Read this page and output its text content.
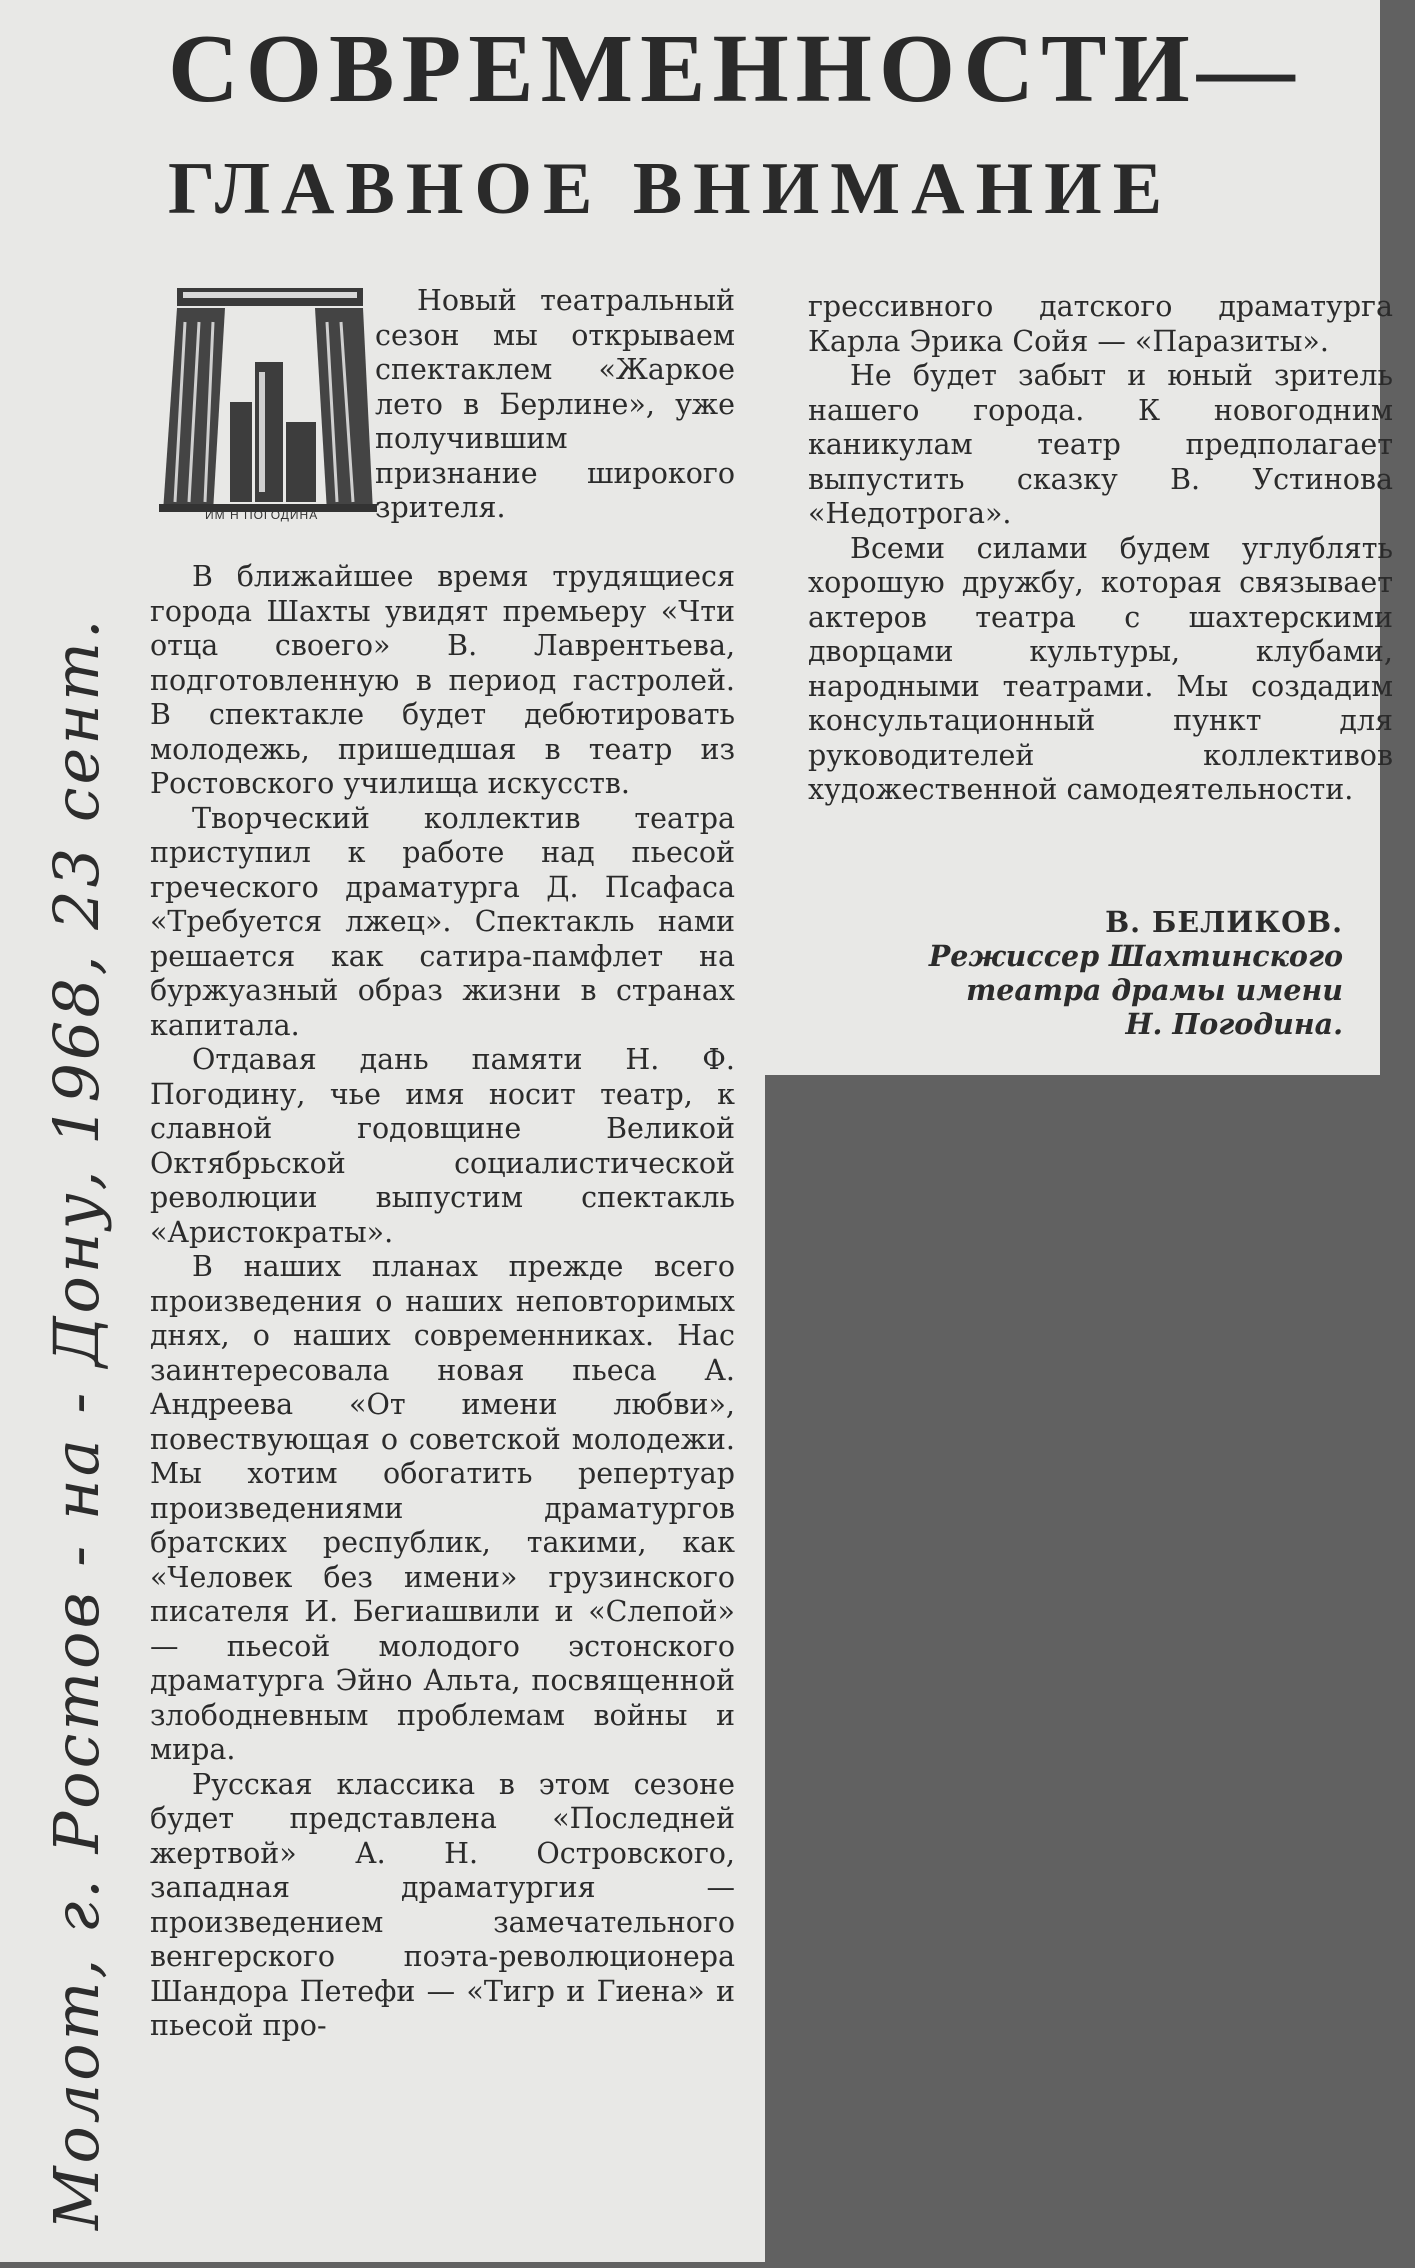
Молот, г. Ростов - на - Дону, 1968, 23 сент.
СОВРЕМЕННОСТИ—
ГЛАВНОЕ ВНИМАНИЕ
ИМ Н ПОГОДИНА

Новый театральный сезон мы открываем спектаклем «Жаркое лето в Берлине», уже получившим признание широкого зрителя.

В ближайшее время трудящиеся города Шахты увидят премьеру «Чти отца своего» В. Лаврентьева, подготовленную в период гастролей. В спектакле будет дебютировать молодежь, пришедшая в театр из Ростовского училища искусств.

Творческий коллектив театра приступил к работе над пьесой греческого драматурга Д. Псафаса «Требуется лжец». Спектакль нами решается как сатира-памфлет на буржуазный образ жизни в странах капитала.

Отдавая дань памяти Н. Ф. Погодину, чье имя носит театр, к славной годовщине Великой Октябрьской социалистической революции выпустим спектакль «Аристократы».

В наших планах прежде всего произведения о наших неповторимых днях, о наших современниках. Нас заинтересовала новая пьеса А. Андреева «От имени любви», повествующая о советской молодежи. Мы хотим обогатить репертуар произведениями драматургов братских республик, такими, как «Человек без имени» грузинского писателя И. Бегиашвили и «Слепой» — пьесой молодого эстонского драматурга Эйно Альта, посвященной злободневным проблемам войны и мира.

Русская классика в этом сезоне будет представлена «Последней жертвой» А. Н. Островского, западная драматургия — произведением замечательного венгерского поэта-революционера Шандора Петефи — «Тигр и Гиена» и пьесой про-

грессивного датского драматурга Карла Эрика Сойя — «Паразиты».

Не будет забыт и юный зритель нашего города. К новогодним каникулам театр предполагает выпустить сказку В. Устинова «Недотрога».

Всеми силами будем углублять хорошую дружбу, которая связывает актеров театра с шахтерскими дворцами культуры, клубами, народными театрами. Мы создадим консультационный пункт для руководителей коллективов художественной самодеятельности.

В. БЕЛИКОВ.
Режиссер Шахтинского
театра драмы имени
Н. Погодина.
